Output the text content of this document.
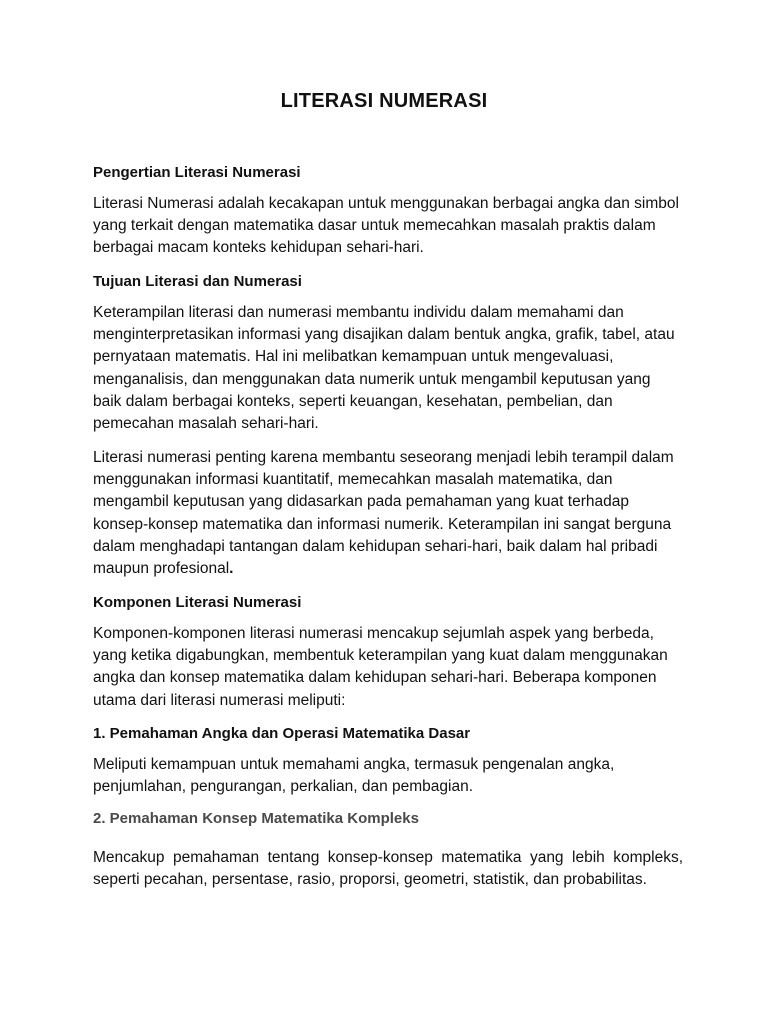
LITERASI NUMERASI
Pengertian Literasi Numerasi
Literasi Numerasi adalah kecakapan untuk menggunakan berbagai angka dan simbol yang terkait dengan matematika dasar untuk memecahkan masalah praktis dalam berbagai macam konteks kehidupan sehari-hari.
Tujuan Literasi dan Numerasi
Keterampilan literasi dan numerasi membantu individu dalam memahami dan menginterpretasikan informasi yang disajikan dalam bentuk angka, grafik, tabel, atau pernyataan matematis. Hal ini melibatkan kemampuan untuk mengevaluasi, menganalisis, dan menggunakan data numerik untuk mengambil keputusan yang baik dalam berbagai konteks, seperti keuangan, kesehatan, pembelian, dan pemecahan masalah sehari-hari.
Literasi numerasi penting karena membantu seseorang menjadi lebih terampil dalam menggunakan informasi kuantitatif, memecahkan masalah matematika, dan mengambil keputusan yang didasarkan pada pemahaman yang kuat terhadap konsep-konsep matematika dan informasi numerik. Keterampilan ini sangat berguna dalam menghadapi tantangan dalam kehidupan sehari-hari, baik dalam hal pribadi maupun profesional.
Komponen Literasi Numerasi
Komponen-komponen literasi numerasi mencakup sejumlah aspek yang berbeda, yang ketika digabungkan, membentuk keterampilan yang kuat dalam menggunakan angka dan konsep matematika dalam kehidupan sehari-hari. Beberapa komponen utama dari literasi numerasi meliputi:
1. Pemahaman Angka dan Operasi Matematika Dasar
Meliputi kemampuan untuk memahami angka, termasuk pengenalan angka, penjumlahan, pengurangan, perkalian, dan pembagian.
2. Pemahaman Konsep Matematika Kompleks
Mencakup pemahaman tentang konsep-konsep matematika yang lebih kompleks, seperti pecahan, persentase, rasio, proporsi, geometri, statistik, dan probabilitas.
